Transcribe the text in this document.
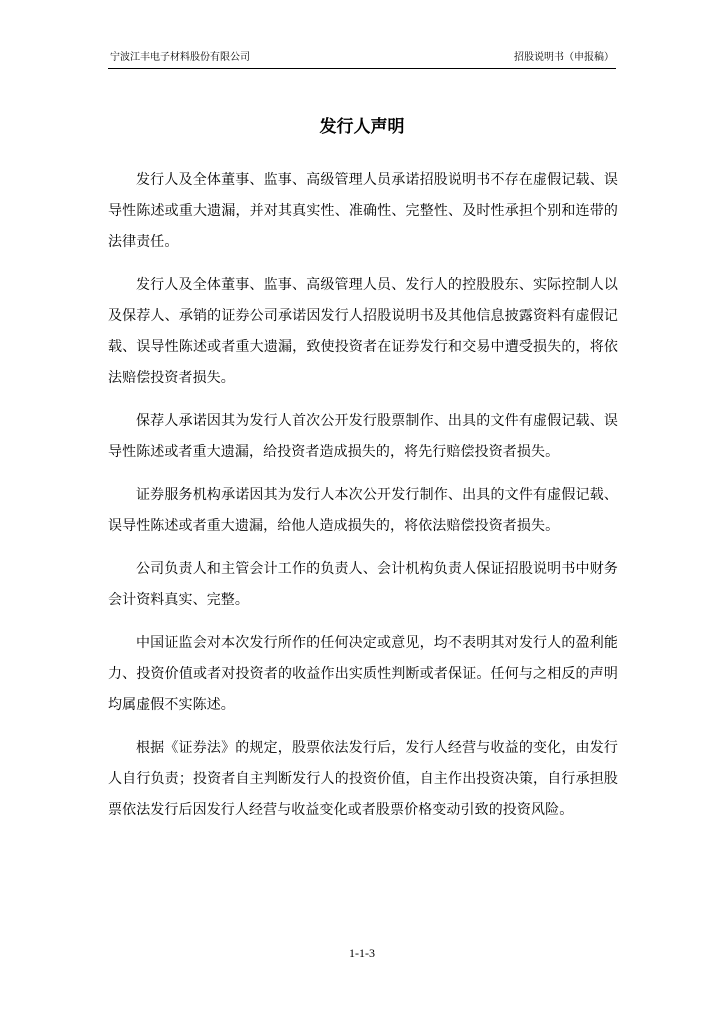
宁波江丰电子材料股份有限公司	招股说明书（申报稿）
发行人声明

发行人及全体董事、监事、高级管理人员承诺招股说明书不存在虚假记载、误导性陈述或重大遗漏，并对其真实性、准确性、完整性、及时性承担个别和连带的法律责任。

发行人及全体董事、监事、高级管理人员、发行人的控股股东、实际控制人以及保荐人、承销的证券公司承诺因发行人招股说明书及其他信息披露资料有虚假记载、误导性陈述或者重大遗漏，致使投资者在证券发行和交易中遭受损失的，将依法赔偿投资者损失。

保荐人承诺因其为发行人首次公开发行股票制作、出具的文件有虚假记载、误导性陈述或者重大遗漏，给投资者造成损失的，将先行赔偿投资者损失。

证券服务机构承诺因其为发行人本次公开发行制作、出具的文件有虚假记载、误导性陈述或者重大遗漏，给他人造成损失的，将依法赔偿投资者损失。

公司负责人和主管会计工作的负责人、会计机构负责人保证招股说明书中财务会计资料真实、完整。

中国证监会对本次发行所作的任何决定或意见，均不表明其对发行人的盈利能力、投资价值或者对投资者的收益作出实质性判断或者保证。任何与之相反的声明均属虚假不实陈述。

根据《证券法》的规定，股票依法发行后，发行人经营与收益的变化，由发行人自行负责；投资者自主判断发行人的投资价值，自主作出投资决策，自行承担股票依法发行后因发行人经营与收益变化或者股票价格变动引致的投资风险。

1-1-3
